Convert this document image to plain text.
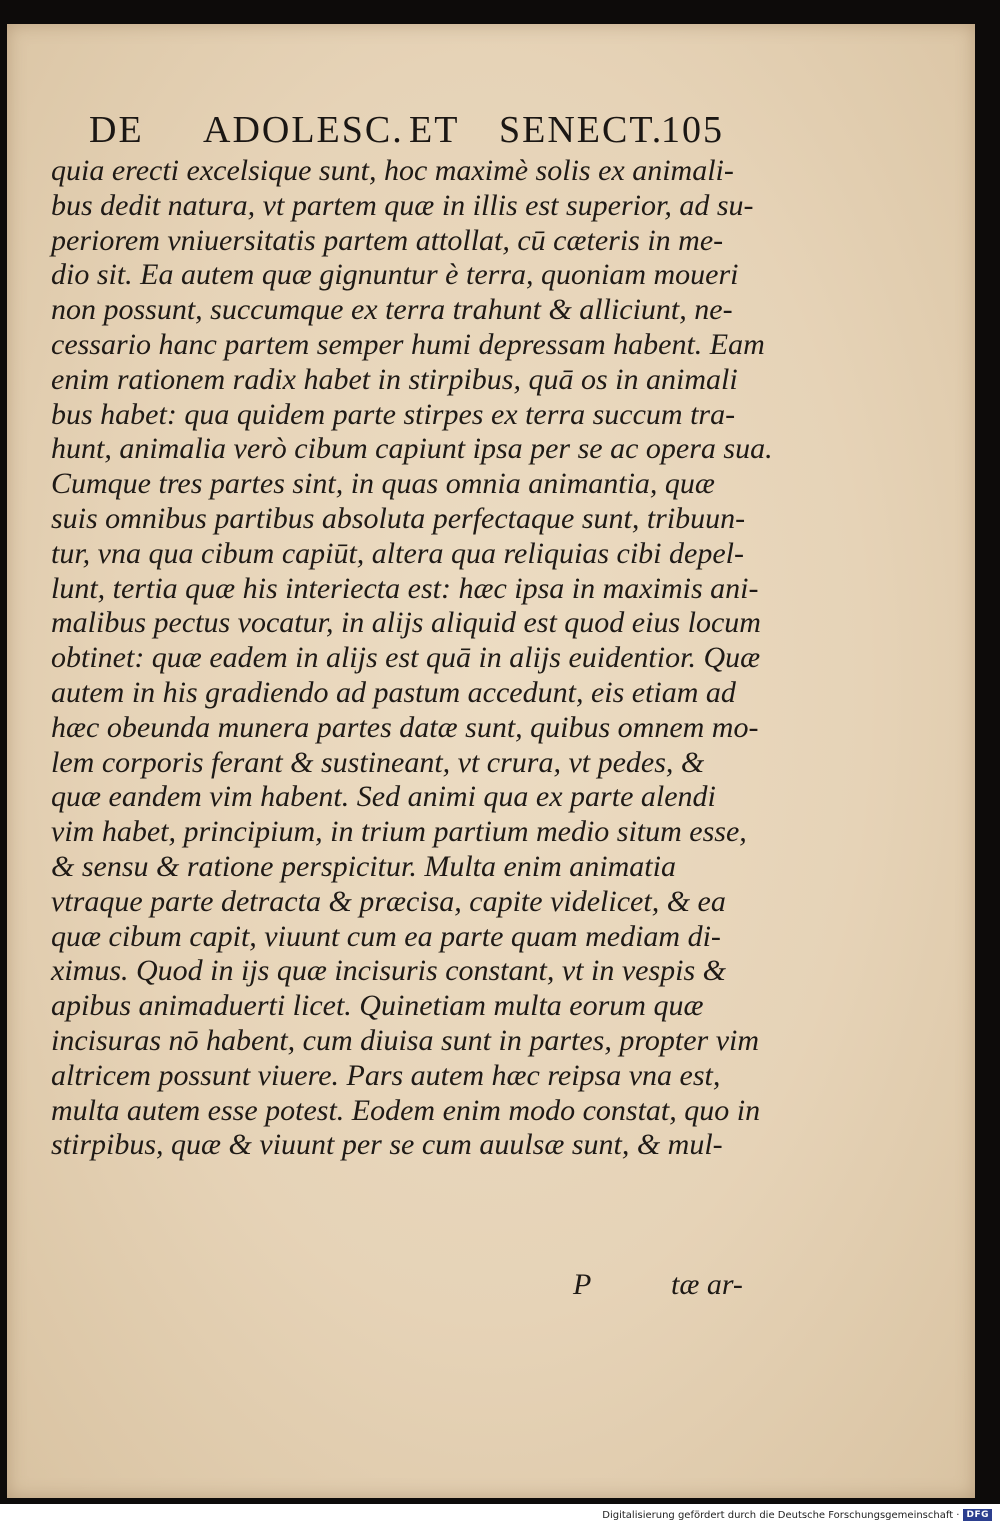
DE ADOLESC. ET SENECT.
105
quia erecti excelsique sunt, hoc maximè solis ex animali-
bus dedit natura, vt partem quæ in illis est superior, ad su-
periorem vniuersitatis partem attollat, cū cæteris in me-
dio sit. Ea autem quæ gignuntur è terra, quoniam moueri
non possunt, succumque ex terra trahunt & alliciunt, ne-
cessario hanc partem semper humi depressam habent. Eam
enim rationem radix habet in stirpibus, quā os in animali
bus habet: qua quidem parte stirpes ex terra succum tra-
hunt, animalia verò cibum capiunt ipsa per se ac opera sua.
Cumque tres partes sint, in quas omnia animantia, quæ
suis omnibus partibus absoluta perfectaque sunt, tribuun-
tur, vna qua cibum capiūt, altera qua reliquias cibi depel-
lunt, tertia quæ his interiecta est: hæc ipsa in maximis ani-
malibus pectus vocatur, in alijs aliquid est quod eius locum
obtinet: quæ eadem in alijs est quā in alijs euidentior. Quæ
autem in his gradiendo ad pastum accedunt, eis etiam ad
hæc obeunda munera partes datæ sunt, quibus omnem mo-
lem corporis ferant & sustineant, vt crura, vt pedes, &
quæ eandem vim habent. Sed animi qua ex parte alendi
vim habet, principium, in trium partium medio situm esse,
& sensu & ratione perspicitur. Multa enim animatia
vtraque parte detracta & præcisa, capite videlicet, & ea
quæ cibum capit, viuunt cum ea parte quam mediam di-
ximus. Quod in ijs quæ incisuris constant, vt in vespis &
apibus animaduerti licet. Quinetiam multa eorum quæ
incisuras nō habent, cum diuisa sunt in partes, propter vim
altricem possunt viuere. Pars autem hæc reipsa vna est,
multa autem esse potest. Eodem enim modo constat, quo in
stirpibus, quæ & viuunt per se cum auulsæ sunt, & mul-
P	tæ ar-
Digitalisierung gefördert durch die Deutsche Forschungsgemeinschaft · DFG
